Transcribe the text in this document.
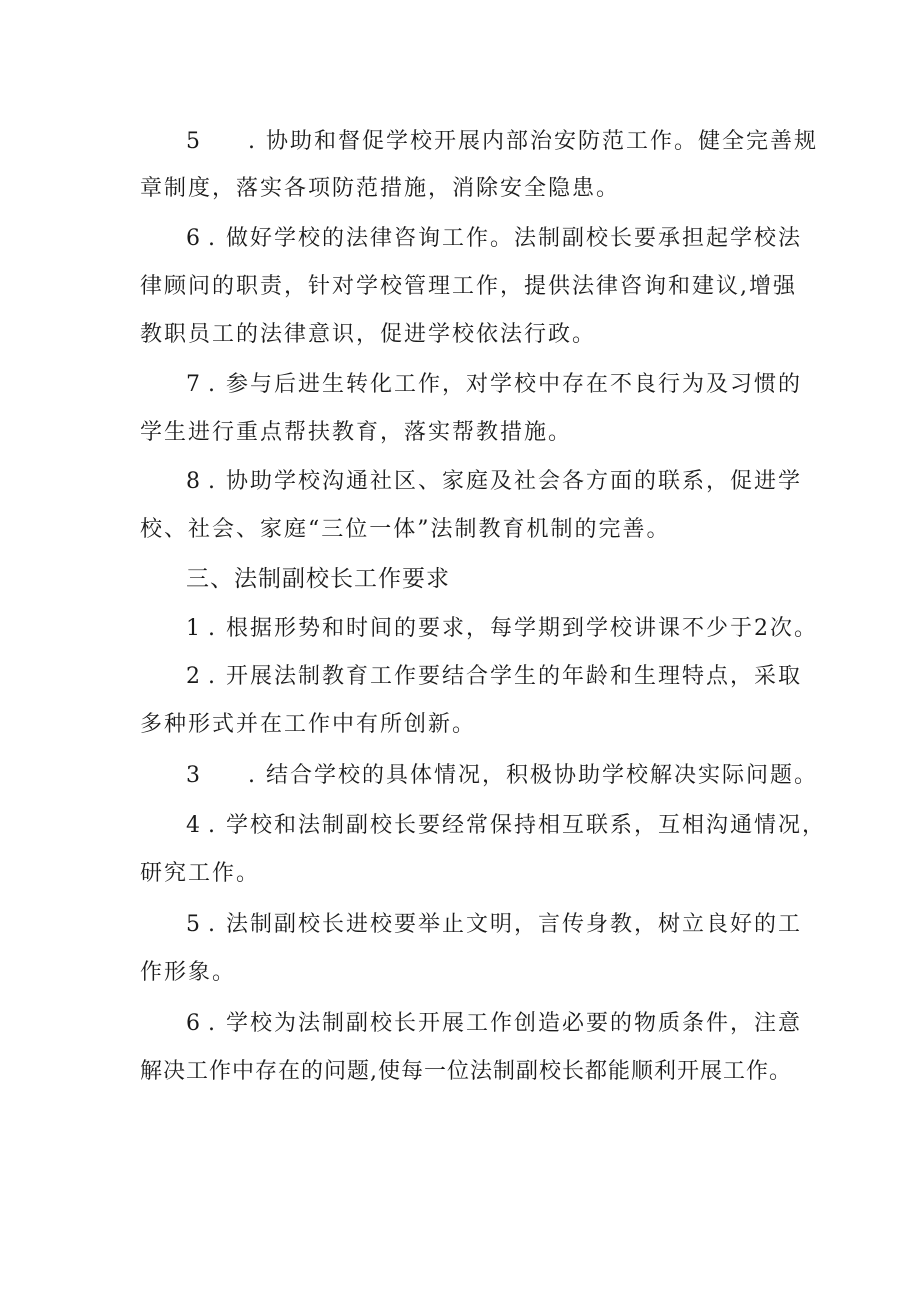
5 . 协助和督促学校开展内部治安防范工作。健全完善规
章制度，落实各项防范措施，消除安全隐患。
6 . 做好学校的法律咨询工作。法制副校长要承担起学校法
律顾问的职责，针对学校管理工作，提供法律咨询和建议,增强
教职员工的法律意识，促进学校依法行政。
7 . 参与后进生转化工作，对学校中存在不良行为及习惯的
学生进行重点帮扶教育，落实帮教措施。
8 . 协助学校沟通社区、家庭及社会各方面的联系，促进学
校、社会、家庭“三位一体”法制教育机制的完善。
三、法制副校长工作要求
1 . 根据形势和时间的要求，每学期到学校讲课不少于2次。
2 . 开展法制教育工作要结合学生的年龄和生理特点，采取
多种形式并在工作中有所创新。
3 . 结合学校的具体情况，积极协助学校解决实际问题。
4 . 学校和法制副校长要经常保持相互联系，互相沟通情况，
研究工作。
5 . 法制副校长进校要举止文明，言传身教，树立良好的工
作形象。
6 . 学校为法制副校长开展工作创造必要的物质条件，注意
解决工作中存在的问题,使每一位法制副校长都能顺利开展工作。
